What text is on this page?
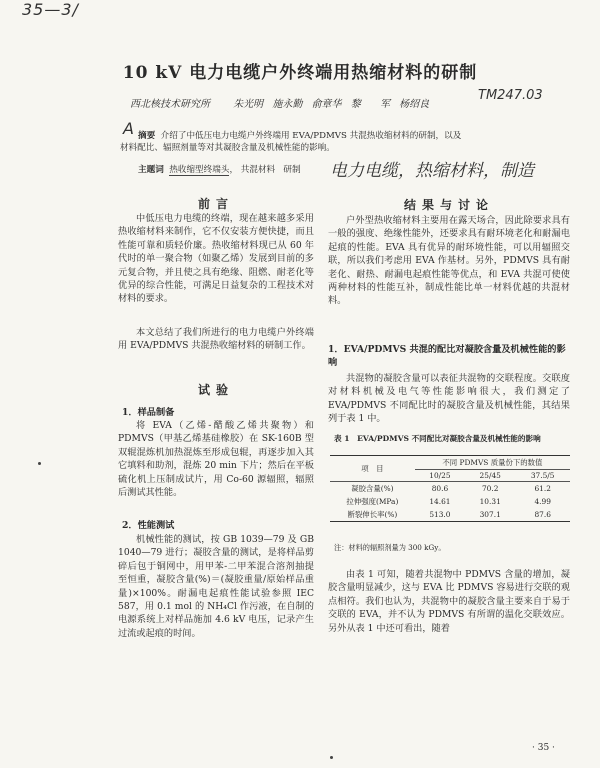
35—3/
10 kV 电力电缆户外终端用热缩材料的研制
西北核技术研究所 朱光明 施永勤 俞章华 黎 军 杨绍良
TM247.03
A 摘要 介绍了中低压电力电缆户外终端用 EVA/PDMVS 共混热收缩材料的研制，以及
材料配比、辐照剂量等对其凝胶含量及机械性能的影响。
主题词 热收缩型终端头， 共混材料 研制	电力电缆，热缩材料，制造
前言

中低压电力电缆的终端，现在越来越多采用热收缩材料来制作，它不仅安装方便快捷，而且性能可靠和质轻价廉。热收缩材料现已从 60 年代时的单一聚合物（如聚乙烯）发展到目前的多元复合物，并且使之具有绝缘、阻燃、耐老化等优异的综合性能，可满足日益复杂的工程技术对材料的要求。

本文总结了我们所进行的电力电缆户外终端用 EVA/PDMVS 共混热收缩材料的研制工作。

试验
1．样品制备

将 EVA（乙烯-醋酸乙烯共聚物）和 PDMVS（甲基乙烯基硅橡胶）在 SK-160B 型双辊混炼机加热混炼至形成包辊，再逐步加入其它填料和助剂，混炼 20 min 下片；然后在平板硫化机上压制成试片，用 Co-60 源辐照，辐照后测试其性能。

2．性能测试

机械性能的测试，按 GB 1039—79 及 GB 1040—79 进行；凝胶含量的测试，是将样品剪碎后包于铜网中，用甲苯-二甲苯混合溶剂抽提至恒重，凝胶含量(%)＝(凝胶重量/原始样品重量)×100%。耐漏电起痕性能试验参照 IEC 587，用 0.1 mol 的 NH₄Cl 作污液，在自制的电源系统上对样品施加 4.6 kV 电压，记录产生过流或起痕的时间。

结果与讨论

户外型热收缩材料主要用在露天场合，因此除要求具有一般的强度、绝缘性能外，还要求具有耐环境老化和耐漏电起痕的性能。EVA 具有优异的耐环境性能，可以用辐照交联，所以我们考虑用 EVA 作基材。另外，PDMVS 具有耐老化、耐热、耐漏电起痕性能等优点，和 EVA 共混可使使两种材料的性能互补，制成性能比单一材料优越的共混材料。

1．EVA/PDMVS 共混的配比对凝胶含量及机械性能的影响

共混物的凝胶含量可以表征共混物的交联程度。交联度对材料机械及电气等性能影响很大，我们测定了 EVA/PDMVS 不同配比时的凝胶含量及机械性能，其结果列于表 1 中。

表 1　EVA/PDMVS 不同配比对凝胶含量及机械性能的影响
项　目	不同 PDMVS 质量份下的数值		
	10/25	25/45	37.5/5
凝胶含量(%)	80.6	70.2	61.2
拉伸强度(MPa)	14.61	10.31	4.99
断裂伸长率(%)	513.0	307.1	87.6
注：材料的辐照剂量为 300 kGy。

由表 1 可知，随着共混物中 PDMVS 含量的增加，凝胶含量明显减少，这与 EVA 比 PDMVS 容易进行交联的观点相符。我们也认为，共混物中的凝胶含量主要来自于易于交联的 EVA，并不认为 PDMVS 有所谓的温化交联效应。另外从表 1 中还可看出，随着

· 35 ·
